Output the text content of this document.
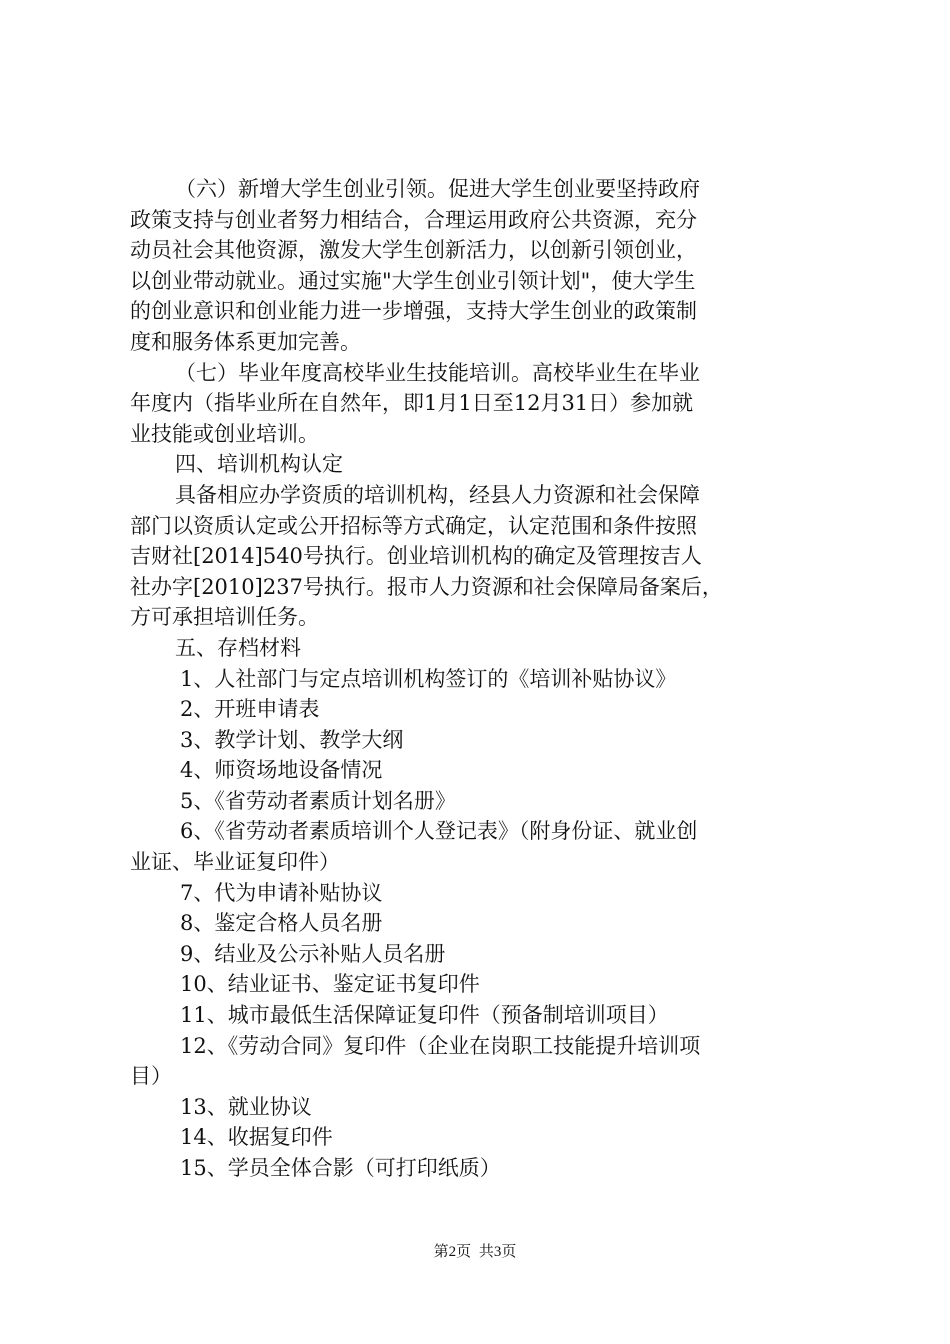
（六）新增大学生创业引领。促进大学生创业要坚持政府
政策支持与创业者努力相结合，合理运用政府公共资源，充分
动员社会其他资源，激发大学生创新活力，以创新引领创业，
以创业带动就业。通过实施"大学生创业引领计划"，使大学生
的创业意识和创业能力进一步增强，支持大学生创业的政策制
度和服务体系更加完善。
（七）毕业年度高校毕业生技能培训。高校毕业生在毕业
年度内（指毕业所在自然年，即1月1日至12月31日）参加就
业技能或创业培训。
四、培训机构认定
具备相应办学资质的培训机构，经县人力资源和社会保障
部门以资质认定或公开招标等方式确定，认定范围和条件按照
吉财社[2014]540号执行。创业培训机构的确定及管理按吉人
社办字[2010]237号执行。报市人力资源和社会保障局备案后，
方可承担培训任务。
五、存档材料
1、人社部门与定点培训机构签订的《培训补贴协议》
2、开班申请表
3、教学计划、教学大纲
4、师资场地设备情况
5、《省劳动者素质计划名册》
6、《省劳动者素质培训个人登记表》（附身份证、就业创
业证、毕业证复印件）
7、代为申请补贴协议
8、鉴定合格人员名册
9、结业及公示补贴人员名册
10、结业证书、鉴定证书复印件
11、城市最低生活保障证复印件（预备制培训项目）
12、《劳动合同》复印件（企业在岗职工技能提升培训项
目）
13、就业协议
14、收据复印件
15、学员全体合影（可打印纸质）
第2页 共3页
